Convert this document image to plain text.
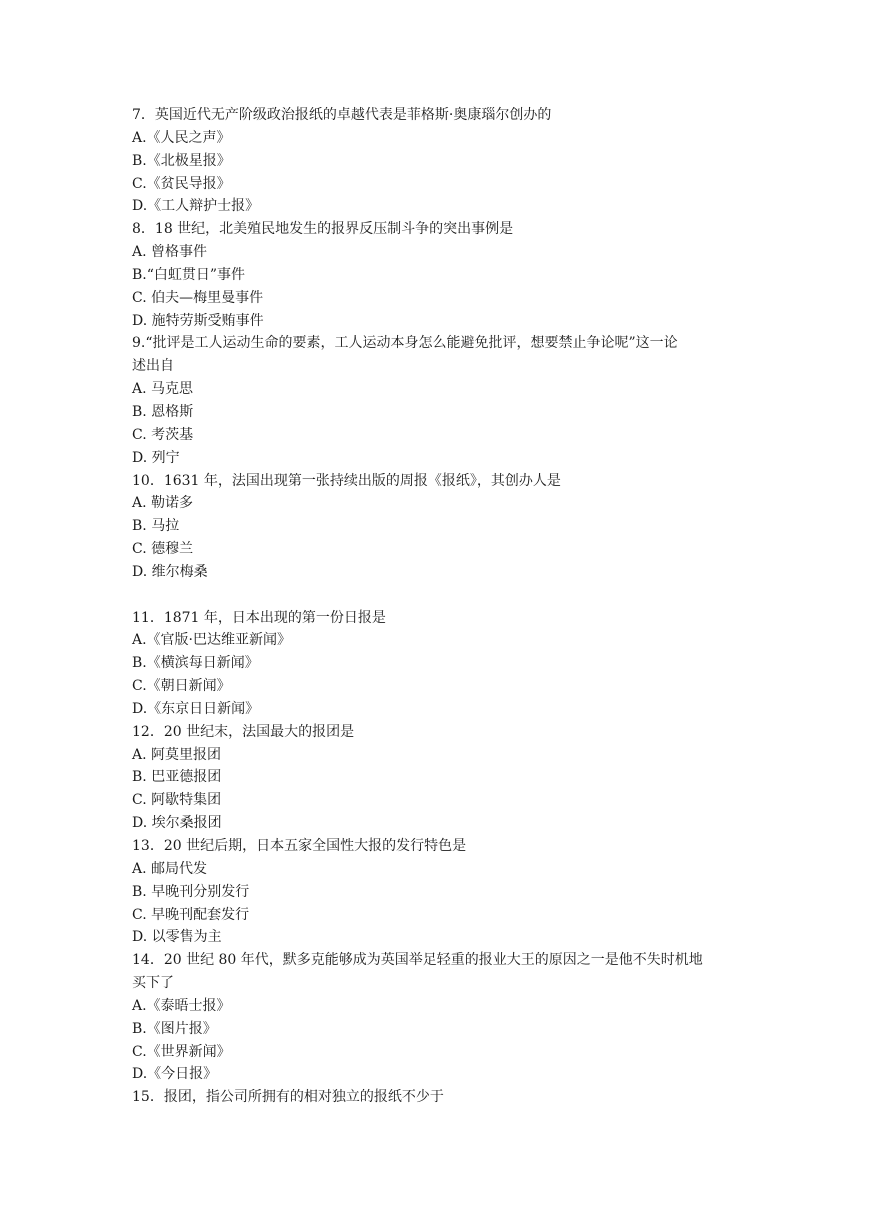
7．英国近代无产阶级政治报纸的卓越代表是菲格斯·奥康瑙尔创办的
A.《人民之声》
B.《北极星报》
C.《贫民导报》
D.《工人辩护士报》
8．18 世纪，北美殖民地发生的报界反压制斗争的突出事例是
A. 曾格事件
B.“白虹贯日”事件
C. 伯夫—梅里曼事件
D. 施特劳斯受贿事件
9.“批评是工人运动生命的要素，工人运动本身怎么能避免批评，想要禁止争论呢”这一论
述出自
A. 马克思
B. 恩格斯
C. 考茨基
D. 列宁
10．1631 年，法国出现第一张持续出版的周报《报纸》，其创办人是
A. 勒诺多
B. 马拉
C. 德穆兰
D. 维尔梅桑
11．1871 年，日本出现的第一份日报是
A.《官版·巴达维亚新闻》
B.《横滨每日新闻》
C.《朝日新闻》
D.《东京日日新闻》
12．20 世纪末，法国最大的报团是
A. 阿莫里报团
B. 巴亚德报团
C. 阿歇特集团
D. 埃尔桑报团
13．20 世纪后期，日本五家全国性大报的发行特色是
A. 邮局代发
B. 早晚刊分别发行
C. 早晚刊配套发行
D. 以零售为主
14．20 世纪 80 年代，默多克能够成为英国举足轻重的报业大王的原因之一是他不失时机地
买下了
A.《泰晤士报》
B.《图片报》
C.《世界新闻》
D.《今日报》
15．报团，指公司所拥有的相对独立的报纸不少于
